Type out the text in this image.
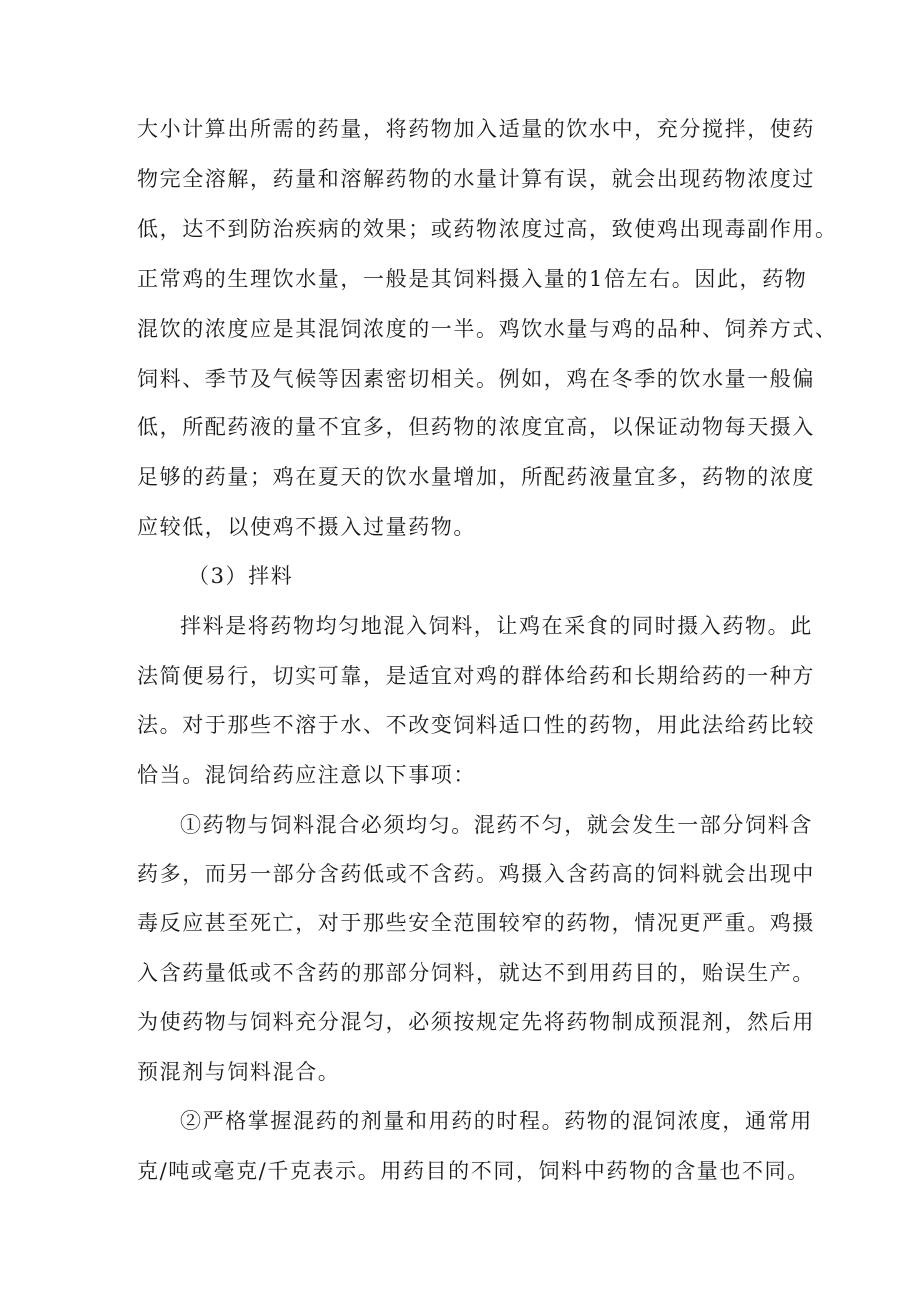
大小计算出所需的药量，将药物加入适量的饮水中，充分搅拌，使药
物完全溶解，药量和溶解药物的水量计算有误，就会出现药物浓度过
低，达不到防治疾病的效果；或药物浓度过高，致使鸡出现毒副作用。
正常鸡的生理饮水量，一般是其饲料摄入量的1倍左右。因此，药物
混饮的浓度应是其混饲浓度的一半。鸡饮水量与鸡的品种、饲养方式、
饲料、季节及气候等因素密切相关。例如，鸡在冬季的饮水量一般偏
低，所配药液的量不宜多，但药物的浓度宜高，以保证动物每天摄入
足够的药量；鸡在夏天的饮水量增加，所配药液量宜多，药物的浓度
应较低，以使鸡不摄入过量药物。
（3）拌料
拌料是将药物均匀地混入饲料，让鸡在采食的同时摄入药物。此
法简便易行，切实可靠，是适宜对鸡的群体给药和长期给药的一种方
法。对于那些不溶于水、不改变饲料适口性的药物，用此法给药比较
恰当。混饲给药应注意以下事项：
①药物与饲料混合必须均匀。混药不匀，就会发生一部分饲料含
药多，而另一部分含药低或不含药。鸡摄入含药高的饲料就会出现中
毒反应甚至死亡，对于那些安全范围较窄的药物，情况更严重。鸡摄
入含药量低或不含药的那部分饲料，就达不到用药目的，贻误生产。
为使药物与饲料充分混匀，必须按规定先将药物制成预混剂，然后用
预混剂与饲料混合。
②严格掌握混药的剂量和用药的时程。药物的混饲浓度，通常用
克/吨或毫克/千克表示。用药目的不同，饲料中药物的含量也不同。
